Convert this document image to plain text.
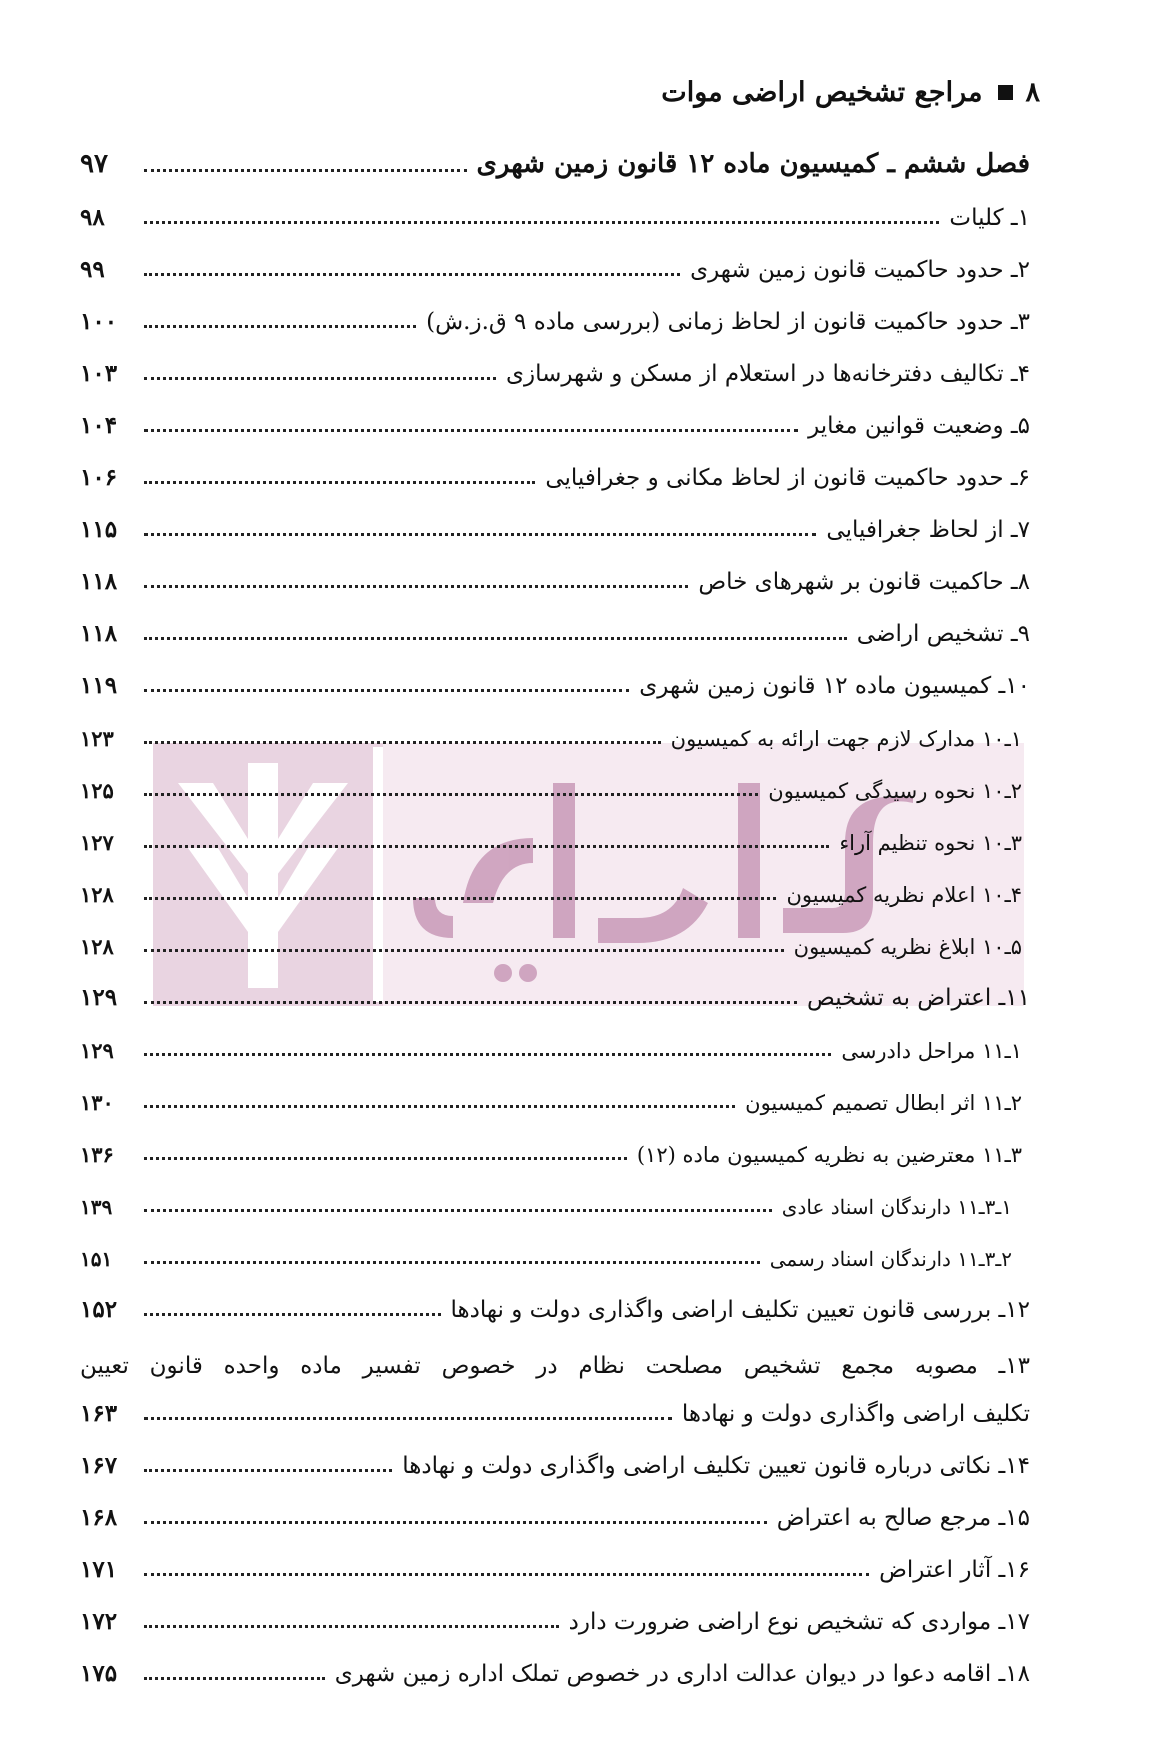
۸
مراجع تشخیص اراضی موات
فصل ششم ـ کمیسیون ماده ۱۲ قانون زمین شهری
۹۷
۱ـ کلیات
۹۸
۲ـ حدود حاکمیت قانون زمین شهری
۹۹
۳ـ حدود حاکمیت قانون از لحاظ زمانی (بررسی ماده ۹ ق.ز.ش)
۱۰۰
۴ـ تکالیف دفترخانه‌ها در استعلام از مسکن و شهرسازی
۱۰۳
۵ـ وضعیت قوانین مغایر
۱۰۴
۶ـ حدود حاکمیت قانون از لحاظ مکانی و جغرافیایی
۱۰۶
۷ـ از لحاظ جغرافیایی
۱۱۵
۸ـ حاکمیت قانون بر شهرهای خاص
۱۱۸
۹ـ تشخیص اراضی
۱۱۸
۱۰ـ کمیسیون ماده ۱۲ قانون زمین شهری
۱۱۹
۱ـ۱۰ مدارک لازم جهت ارائه به کمیسیون
۱۲۳
۲ـ۱۰ نحوه رسیدگی کمیسیون
۱۲۵
۳ـ۱۰ نحوه تنظیم آراء
۱۲۷
۴ـ۱۰ اعلام نظریه کمیسیون
۱۲۸
۵ـ۱۰ ابلاغ نظریه کمیسیون
۱۲۸
۱۱ـ اعتراض به تشخیص
۱۲۹
۱ـ۱۱ مراحل دادرسی
۱۲۹
۲ـ۱۱ اثر ابطال تصمیم کمیسیون
۱۳۰
۳ـ۱۱ معترضین به نظریه کمیسیون ماده (۱۲)
۱۳۶
۱ـ۳ـ۱۱ دارندگان اسناد عادی
۱۳۹
۲ـ۳ـ۱۱ دارندگان اسناد رسمی
۱۵۱
۱۲ـ بررسی قانون تعیین تکلیف اراضی واگذاری دولت و نهادها
۱۵۲
۱۳ـ مصوبه مجمع تشخیص مصلحت نظام در خصوص تفسیر ماده واحده قانون تعیین
تکلیف اراضی واگذاری دولت و نهادها
۱۶۳
۱۴ـ نکاتی درباره قانون تعیین تکلیف اراضی واگذاری دولت و نهادها
۱۶۷
۱۵ـ مرجع صالح به اعتراض
۱۶۸
۱۶ـ آثار اعتراض
۱۷۱
۱۷ـ مواردی که تشخیص نوع اراضی ضرورت دارد
۱۷۲
۱۸ـ اقامه دعوا در دیوان عدالت اداری در خصوص تملک اداره زمین شهری
۱۷۵
